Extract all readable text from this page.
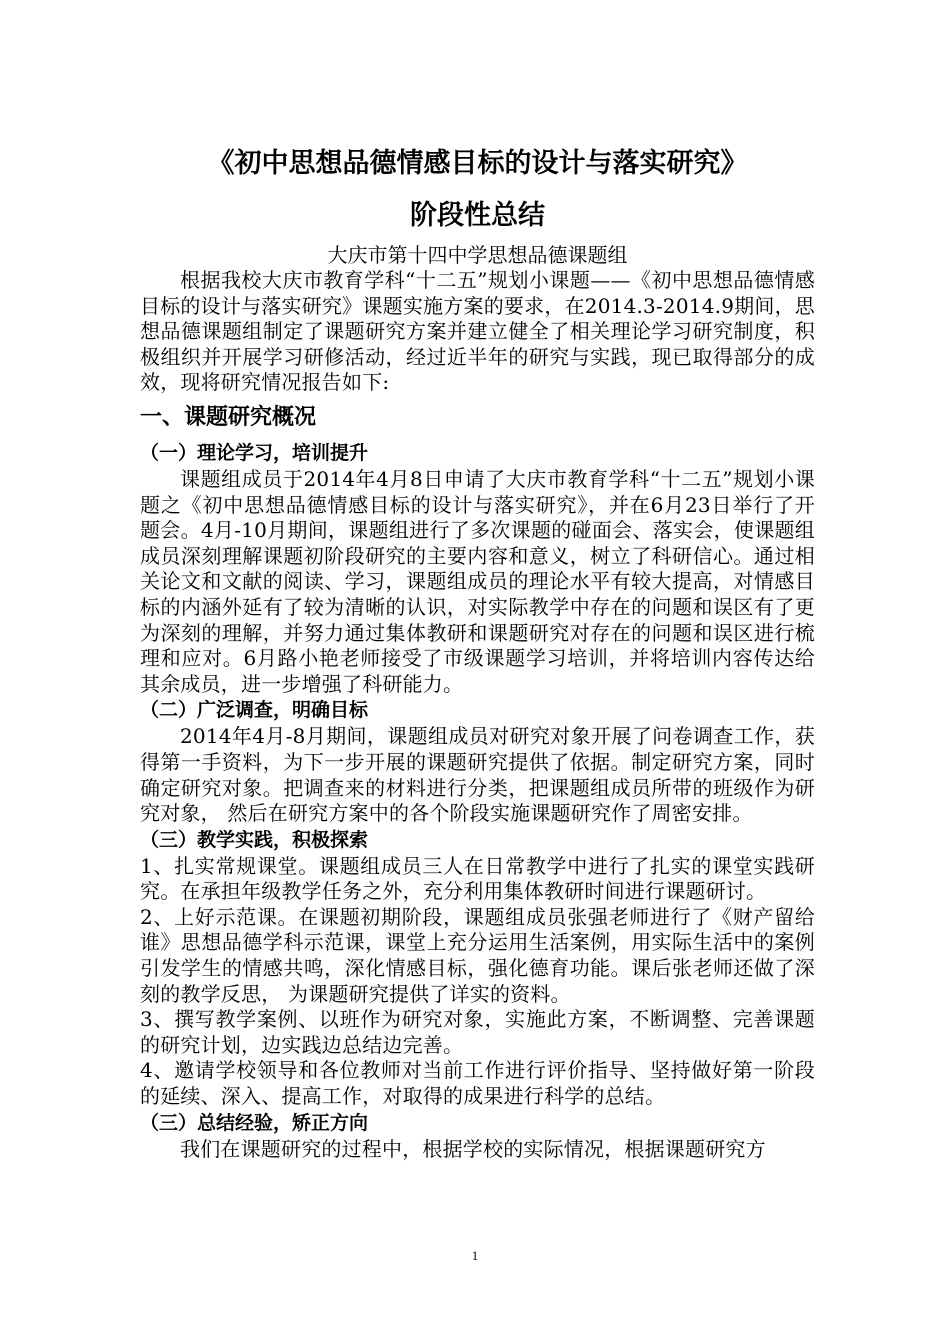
《初中思想品德情感目标的设计与落实研究》
阶段性总结
大庆市第十四中学思想品德课题组

根据我校大庆市教育学科“十二五”规划小课题——《初中思想品德情感目标的设计与落实研究》课题实施方案的要求，在2014.3-2014.9期间，思想品德课题组制定了课题研究方案并建立健全了相关理论学习研究制度，积极组织并开展学习研修活动，经过近半年的研究与实践，现已取得部分的成效，现将研究情况报告如下:

一、课题研究概况
（一）理论学习，培训提升

课题组成员于2014年4月8日申请了大庆市教育学科“十二五”规划小课题之《初中思想品德情感目标的设计与落实研究》，并在6月23日举行了开题会。4月-10月期间，课题组进行了多次课题的碰面会、落实会，使课题组成员深刻理解课题初阶段研究的主要内容和意义，树立了科研信心。通过相关论文和文献的阅读、学习，课题组成员的理论水平有较大提高，对情感目标的内涵外延有了较为清晰的认识，对实际教学中存在的问题和误区有了更为深刻的理解，并努力通过集体教研和课题研究对存在的问题和误区进行梳理和应对。6月路小艳老师接受了市级课题学习培训，并将培训内容传达给其余成员，进一步增强了科研能力。

（二）广泛调查，明确目标

2014年4月-8月期间，课题组成员对研究对象开展了问卷调查工作，获得第一手资料，为下一步开展的课题研究提供了依据。制定研究方案，同时确定研究对象。把调查来的材料进行分类，把课题组成员所带的班级作为研究对象， 然后在研究方案中的各个阶段实施课题研究作了周密安排。

（三）教学实践，积极探索

1、扎实常规课堂。课题组成员三人在日常教学中进行了扎实的课堂实践研究。在承担年级教学任务之外，充分利用集体教研时间进行课题研讨。

2、上好示范课。在课题初期阶段，课题组成员张强老师进行了《财产留给谁》思想品德学科示范课，课堂上充分运用生活案例，用实际生活中的案例引发学生的情感共鸣，深化情感目标，强化德育功能。课后张老师还做了深刻的教学反思， 为课题研究提供了详实的资料。

3、撰写教学案例、以班作为研究对象，实施此方案，不断调整、完善课题的研究计划，边实践边总结边完善。

4、邀请学校领导和各位教师对当前工作进行评价指导、坚持做好第一阶段的延续、深入、提高工作，对取得的成果进行科学的总结。

（三）总结经验，矫正方向

我们在课题研究的过程中，根据学校的实际情况，根据课题研究方

1
